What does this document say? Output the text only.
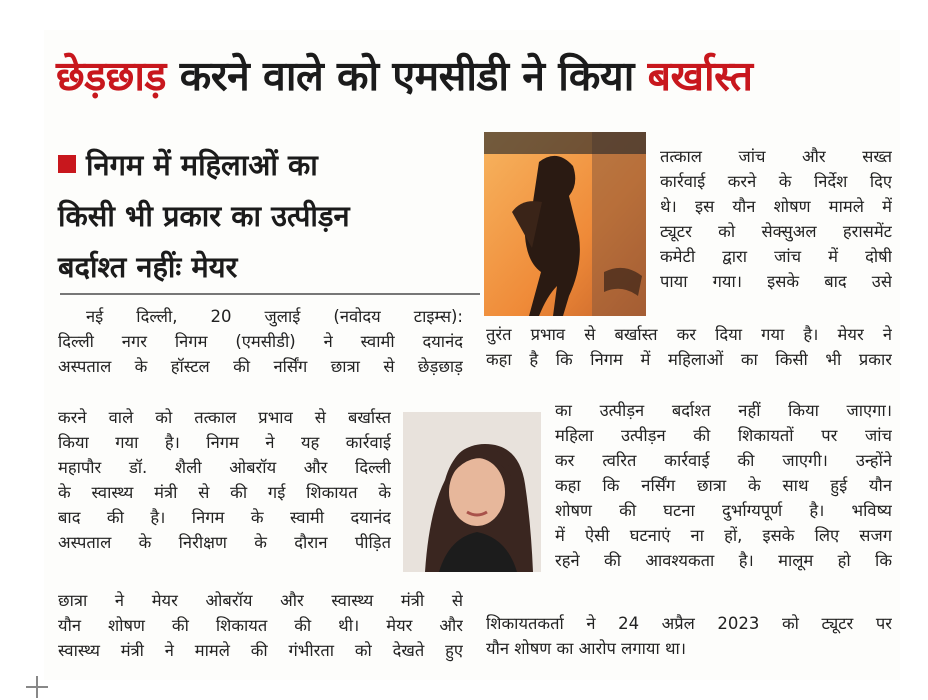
छेड़छाड़ करने वाले को एमसीडी ने किया बर्खास्त
निगम में महिलाओं का
किसी भी प्रकार का उत्पीड़न
बर्दाश्त नहींः मेयर
नई दिल्ली, 20 जुलाई (नवोदय टाइम्स):
दिल्ली नगर निगम (एमसीडी) ने स्वामी दयानंद
अस्पताल के हॉस्टल की नर्सिंग छात्रा से छेड़छाड़
करने वाले को तत्काल प्रभाव से बर्खास्त
किया गया है। निगम ने यह कार्रवाई
महापौर डॉ. शैली ओबरॉय और दिल्ली
के स्वास्थ्य मंत्री से की गई शिकायत के
बाद की है। निगम के स्वामी दयानंद
अस्पताल के निरीक्षण के दौरान पीड़ित
छात्रा ने मेयर ओबरॉय और स्वास्थ्य मंत्री से
यौन शोषण की शिकायत की थी। मेयर और
स्वास्थ्य मंत्री ने मामले की गंभीरता को देखते हुए
तत्काल जांच और सख्त
कार्रवाई करने के निर्देश दिए
थे। इस यौन शोषण मामले में
ट्यूटर को सेक्सुअल हरासमेंट
कमेटी द्वारा जांच में दोषी
पाया गया। इसके बाद उसे
तुरंत प्रभाव से बर्खास्त कर दिया गया है। मेयर ने
कहा है कि निगम में महिलाओं का किसी भी प्रकार
का उत्पीड़न बर्दाश्त नहीं किया जाएगा।
महिला उत्पीड़न की शिकायतों पर जांच
कर त्वरित कार्रवाई की जाएगी। उन्होंने
कहा कि नर्सिंग छात्रा के साथ हुई यौन
शोषण की घटना दुर्भाग्यपूर्ण है। भविष्य
में ऐसी घटनाएं ना हों, इसके लिए सजग
रहने की आवश्यकता है। मालूम हो कि
शिकायतकर्ता ने 24 अप्रैल 2023 को ट्यूटर पर
यौन शोषण का आरोप लगाया था।
